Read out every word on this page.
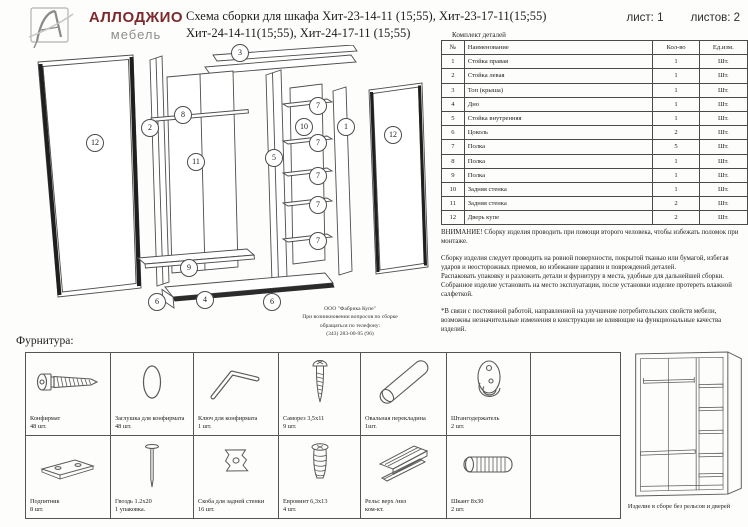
АЛЛОДЖИО
мебель
Схема сборки для шкафа Хит-23-14-11 (15;55), Хит-23-17-11(15;55)
Хит-24-14-11(15;55), Хит-24-17-11 (15;55)
лист: 1 листов: 2
3
12
2
8
11	5
10
7
7
7
7
7
1
12
9
6	4	6
ООО "Фабрика Купе"
При возникновении вопросов по сборке
обращаться по телефону:
(343) 283-00-95 (96)
Комплект деталей
№	Наименование	Кол-во	Ед.изм.
1	Стойка правая	1	Шт.
2	Стойка левая	1	Шт.
3	Топ (крыша)	1	Шт.
4	Дно	1	Шт.
5	Стойка внутренняя	1	Шт.
6	Цоколь	2	Шт.
7	Полка	5	Шт.
8	Полка	1	Шт.
9	Полка	1	Шт.
10	Задняя стенка	1	Шт.
11	Задняя стенка	2	Шт.
12	Дверь купе	2	Шт.

ВНИМАНИЕ! Сборку изделия проводить при помощи второго человека, чтобы избежать поломок при монтаже.

Сборку изделия следует проводить на ровной поверхности, покрытой тканью или бумагой, избегая ударов и неосторожных приемов, во избежание царапин и повреждений деталей.

Распаковать упаковку и разложить детали и фурнитуру в места, удобные для дальнейшей сборки.

Собранное изделие установить на место эксплуатации, после установки изделие протереть влажной салфеткой.

*В связи с постоянной работой, направленной на улучшение потребительских свойств мебели, возможны незначительные изменения в конструкции не влияющие на функциональные качества изделий.

Фурнитура:
Конфирмат
48 шт.
Заглушка для конфирмата
48 шт.
Ключ для конфирмата
1 шт.
Саморез 3,5х11
9 шт.
Овальная перекладина
1шт.
Штангодержатель
2 шт.
Подпятник
8 шт.
Гвоздь 1.2х20
1 упаковка.
Скоба для задней стенки
16 шт.
Евровинт 6,3х13
4 шт.
Рельс верх /низ
ком-кт.
Шкант 8х30
2 шт.	Изделие в сборе без рельсов и дверей
